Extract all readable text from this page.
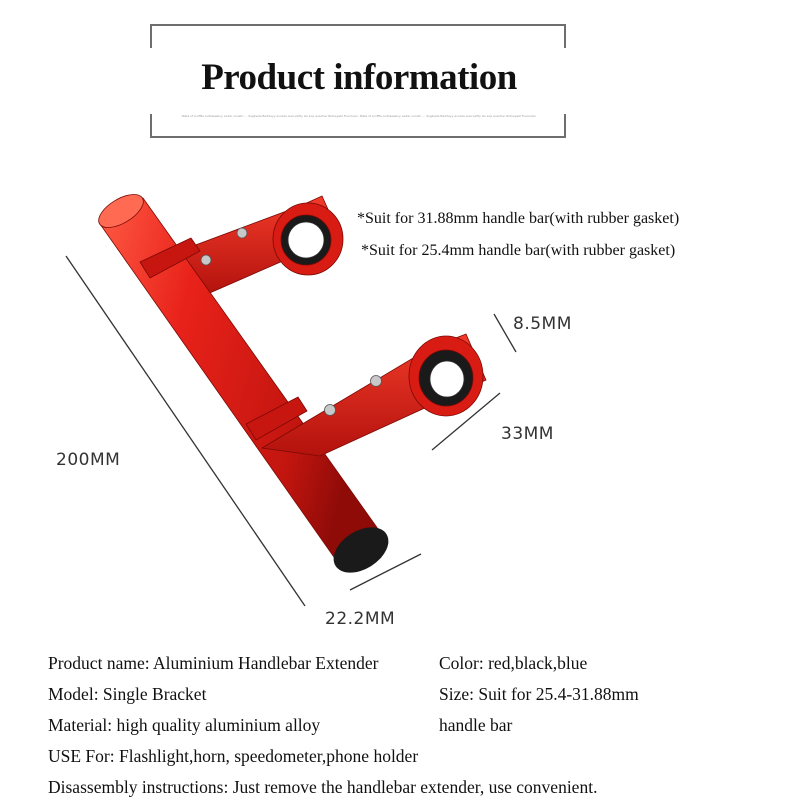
Product information
Tabla of sruffta Aufosasalvy avdar vocatn ... Sugbade Baddeyy avrada auorvalfly Go sop auacher Rotosyabl Fuoorsan. Tabla of sruffta Aufosasalvy avdar vocatn ... Sugbade Baddeyy avrada auorvalfly Go sop auacher Rotosyabl Fuoorsan.
*Suit for 31.88mm handle bar(with rubber gasket)
*Suit for 25.4mm handle bar(with rubber gasket)
200MM
8.5MM
33MM
22.2MM
Product name: Aluminium Handlebar Extender	Color: red,black,blue
Model: Single Bracket	Size: Suit for 25.4-31.88mm
Material: high quality aluminium alloy	handle bar
USE For: Flashlight,horn, speedometer,phone holder
Disassembly instructions: Just remove the handlebar extender, use convenient.
